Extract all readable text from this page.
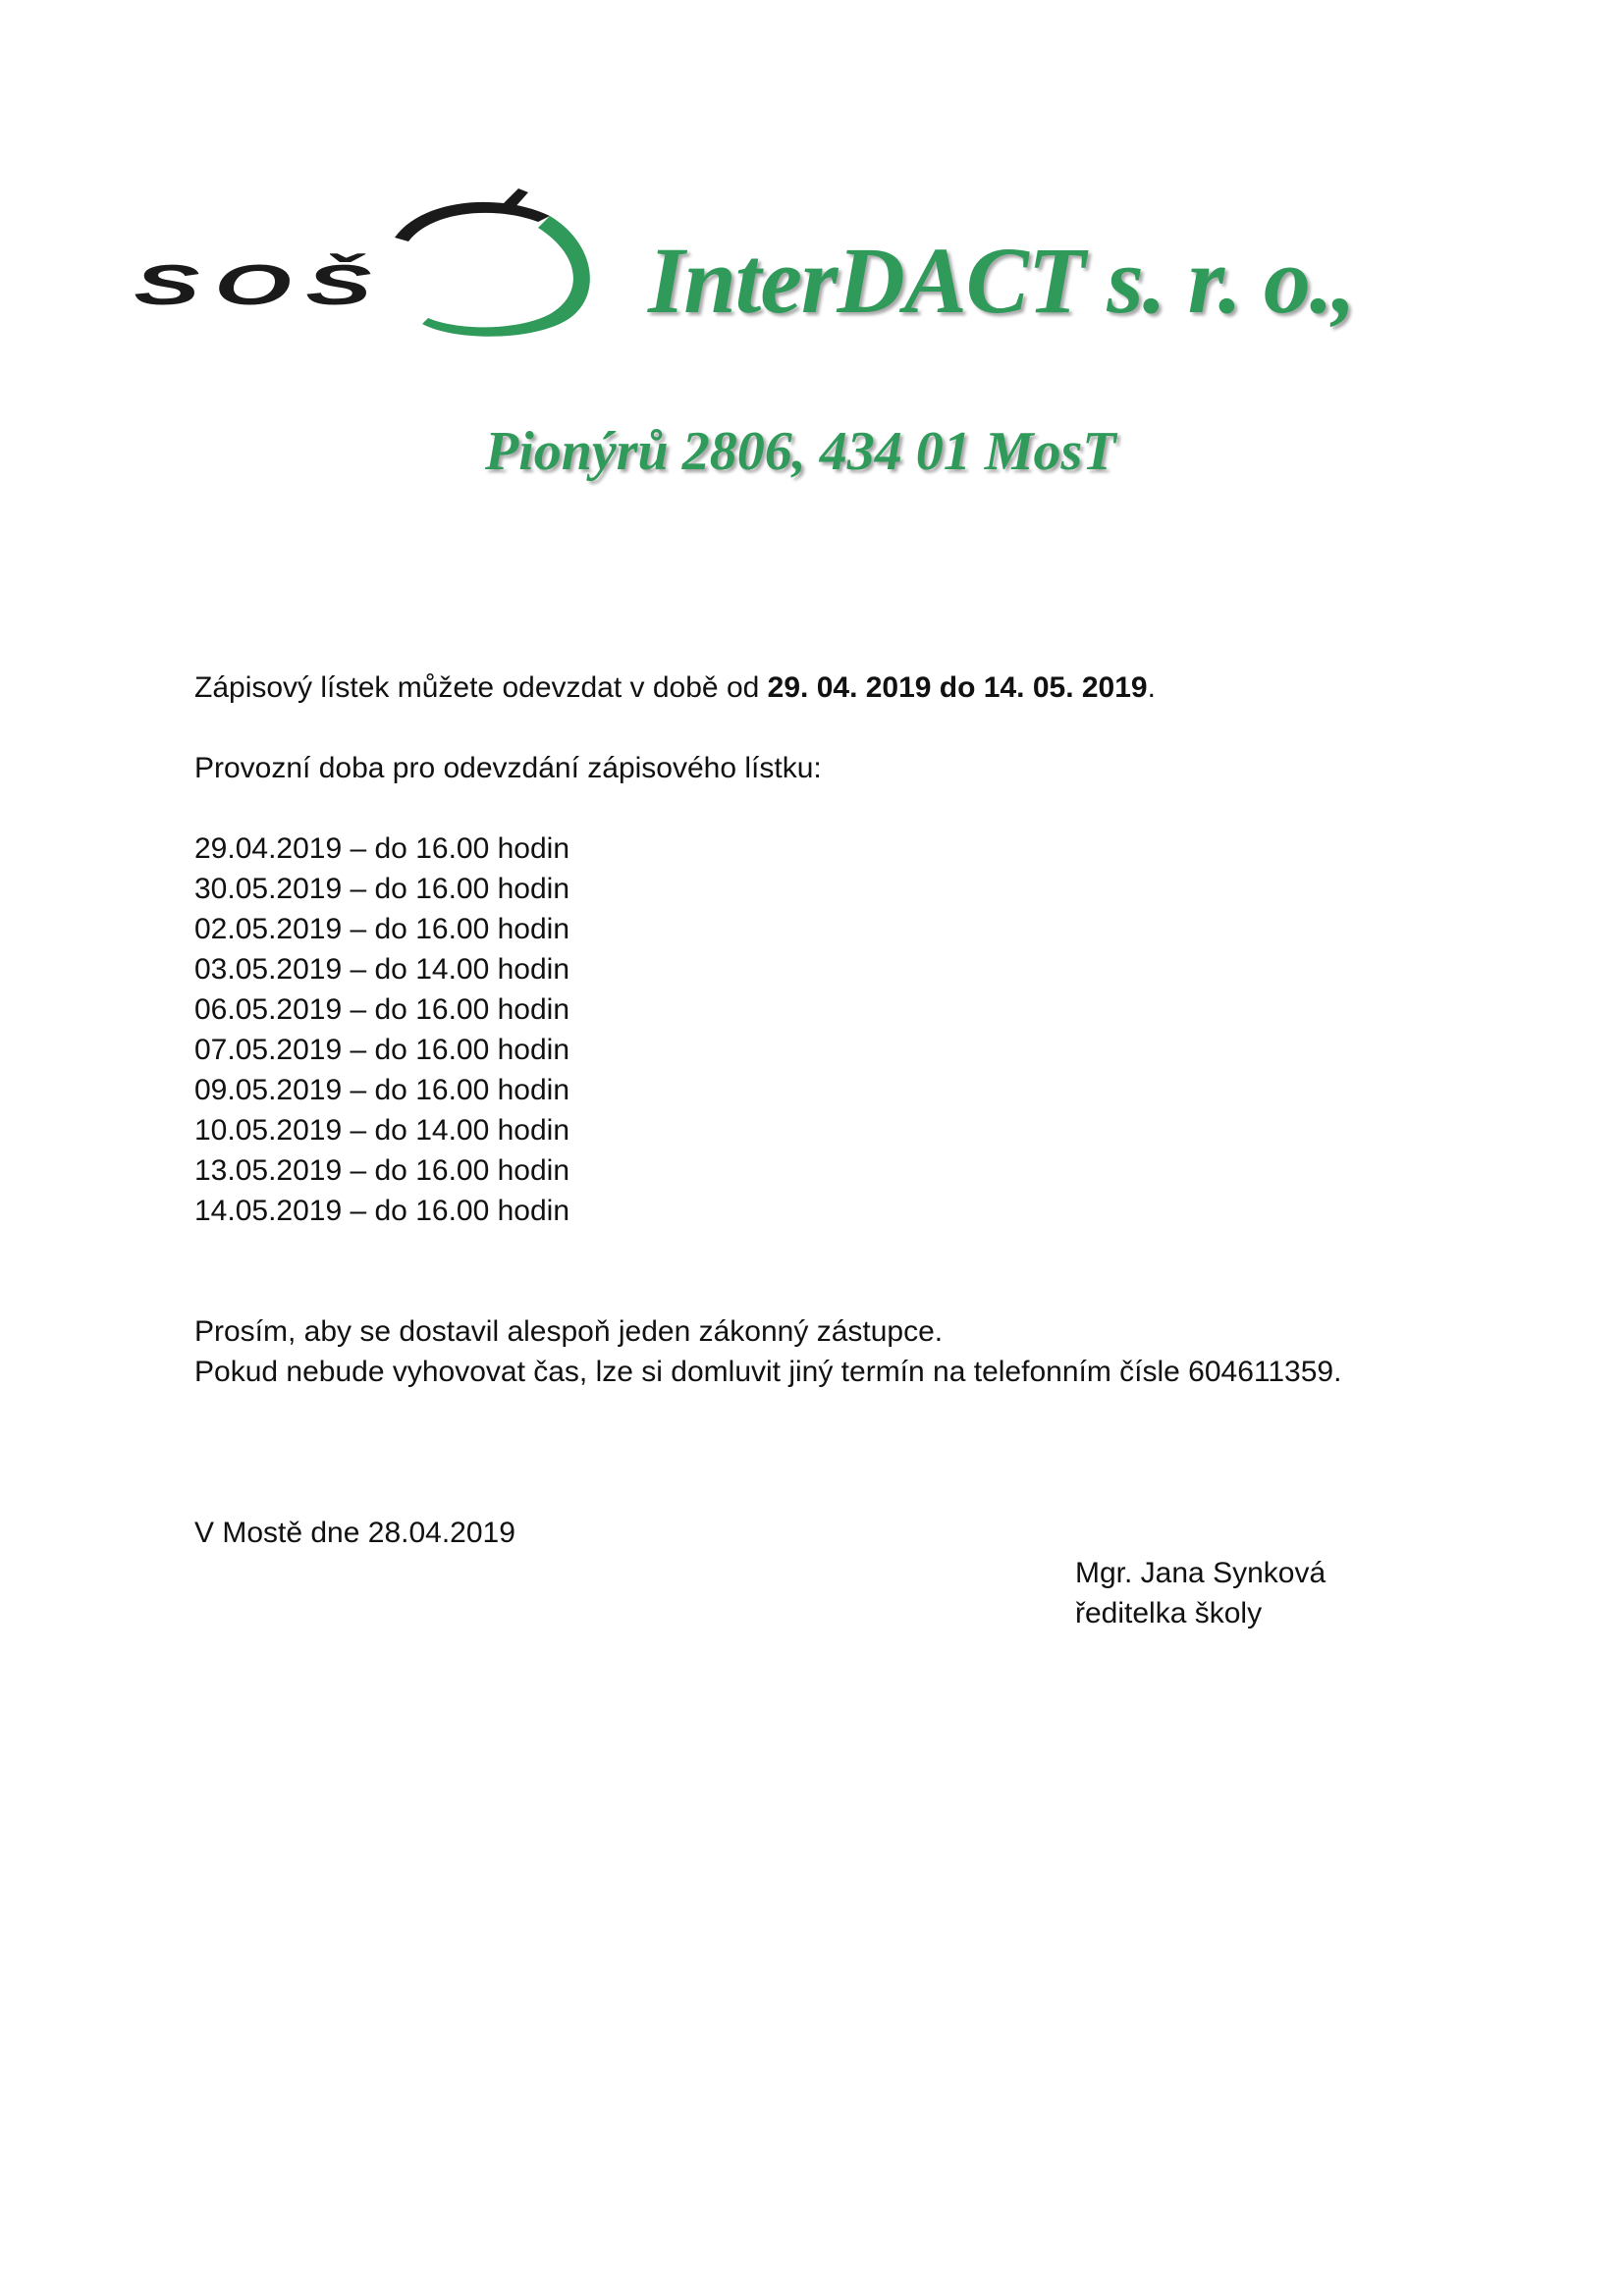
SOŠ	InterDACT s. r. o.,
Pionýrů 2806, 434 01 MosT
Zápisový lístek můžete odevzdat v době od 29. 04. 2019 do 14. 05. 2019.
Provozní doba pro odevzdání zápisového lístku:
29.04.2019 – do 16.00 hodin
30.05.2019 – do 16.00 hodin
02.05.2019 – do 16.00 hodin
03.05.2019 – do 14.00 hodin
06.05.2019 – do 16.00 hodin
07.05.2019 – do 16.00 hodin
09.05.2019 – do 16.00 hodin
10.05.2019 – do 14.00 hodin
13.05.2019 – do 16.00 hodin
14.05.2019 – do 16.00 hodin
Prosím, aby se dostavil alespoň jeden zákonný zástupce.
Pokud nebude vyhovovat čas, lze si domluvit jiný termín na telefonním čísle 604611359.
V Mostě dne 28.04.2019
Mgr. Jana Synková
ředitelka školy
